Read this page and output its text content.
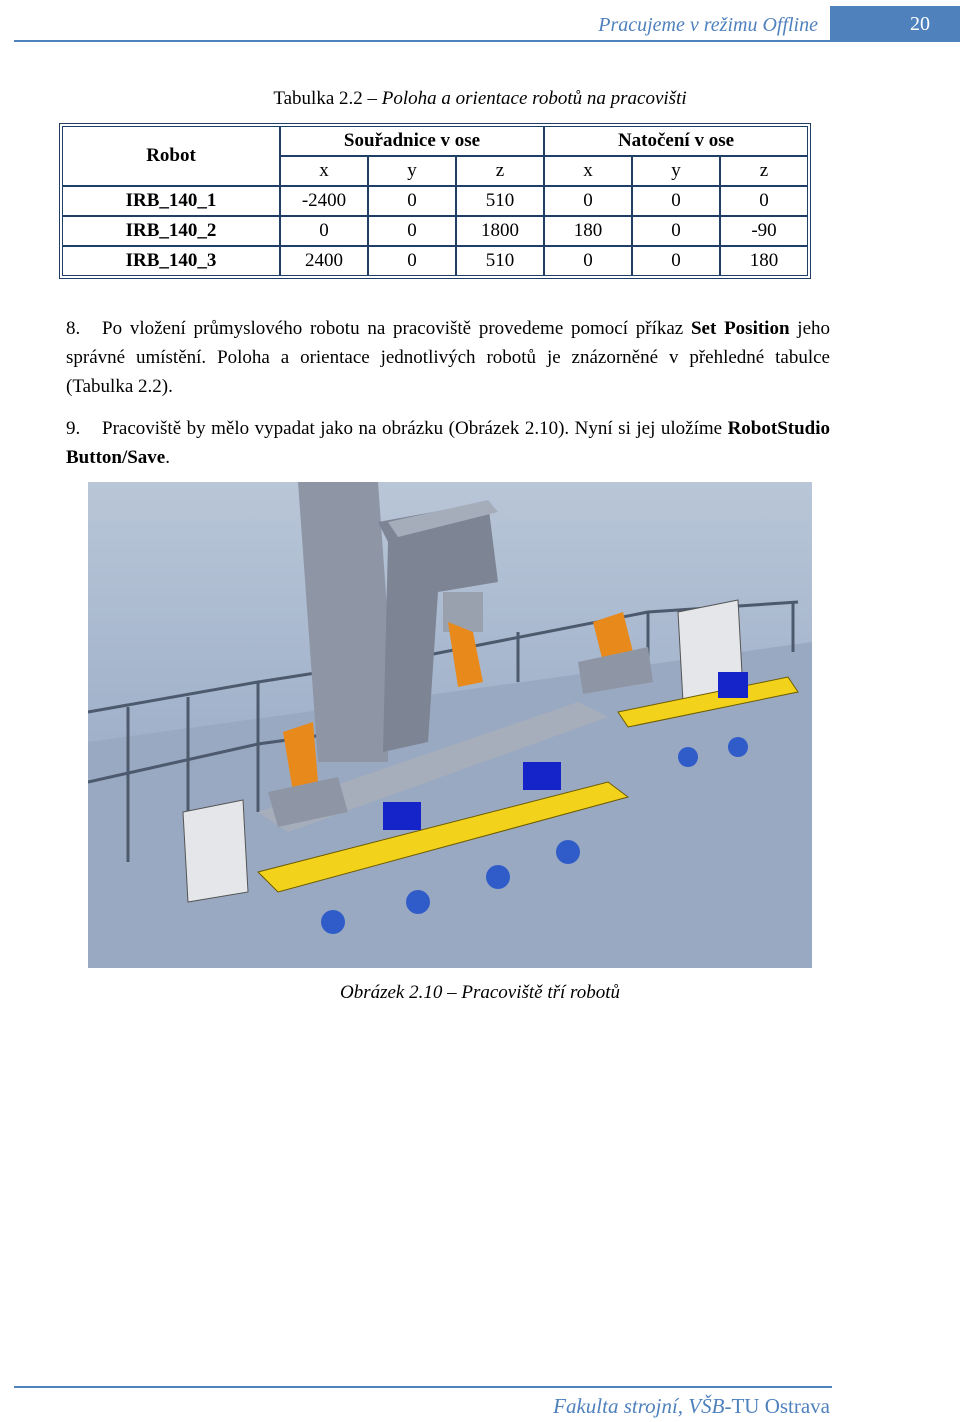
Pracujeme v režimu Offline	20
Tabulka 2.2 – Poloha a orientace robotů na pracovišti
Robot	Souřadnice v ose			Natočení v ose		
	x	y	z	x	y	z
IRB_140_1	-2400	0	510	0	0	0
IRB_140_2	0	0	1800	180	0	-90
IRB_140_3	2400	0	510	0	0	180
8. Po vložení průmyslového robotu na pracoviště provedeme pomocí příkaz Set Position jeho správné umístění. Poloha a orientace jednotlivých robotů je znázorněné v přehledné tabulce (Tabulka 2.2).
9. Pracoviště by mělo vypadat jako na obrázku (Obrázek 2.10). Nyní si jej uložíme RobotStudio Button/Save.
Obrázek 2.10 – Pracoviště tří robotů
Fakulta strojní, VŠB-TU Ostrava
